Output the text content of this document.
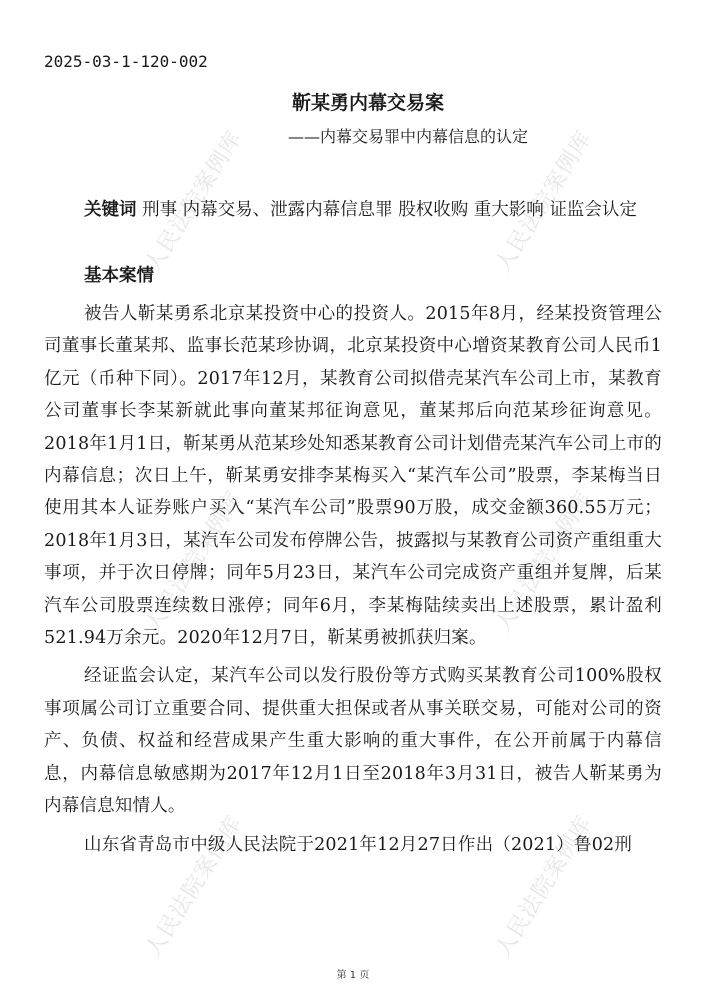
人民法院案例库	人民法院案例库
人民法院案例库	人民法院案例库
人民法院案例库	人民法院案例库
2025-03-1-120-002
靳某勇内幕交易案
——内幕交易罪中内幕信息的认定
关键词 刑事 内幕交易、泄露内幕信息罪 股权收购 重大影响 证监会认定
基本案情

被告人靳某勇系北京某投资中心的投资人。2015年8月，经某投资管理公司董事长董某邦、监事长范某珍协调，北京某投资中心增资某教育公司人民币1亿元（币种下同）。2017年12月，某教育公司拟借壳某汽车公司上市，某教育公司董事长李某新就此事向董某邦征询意见，董某邦后向范某珍征询意见。2018年1月1日，靳某勇从范某珍处知悉某教育公司计划借壳某汽车公司上市的内幕信息；次日上午，靳某勇安排李某梅买入“某汽车公司”股票，李某梅当日使用其本人证券账户买入“某汽车公司”股票90万股，成交金额360.55万元；2018年1月3日，某汽车公司发布停牌公告，披露拟与某教育公司资产重组重大事项，并于次日停牌；同年5月23日，某汽车公司完成资产重组并复牌，后某汽车公司股票连续数日涨停；同年6月，李某梅陆续卖出上述股票，累计盈利521.94万余元。2020年12月7日，靳某勇被抓获归案。

经证监会认定，某汽车公司以发行股份等方式购买某教育公司100%股权事项属公司订立重要合同、提供重大担保或者从事关联交易，可能对公司的资产、负债、权益和经营成果产生重大影响的重大事件，在公开前属于内幕信息，内幕信息敏感期为2017年12月1日至2018年3月31日，被告人靳某勇为内幕信息知情人。

山东省青岛市中级人民法院于2021年12月27日作出（2021）鲁02刑

第 1 页
